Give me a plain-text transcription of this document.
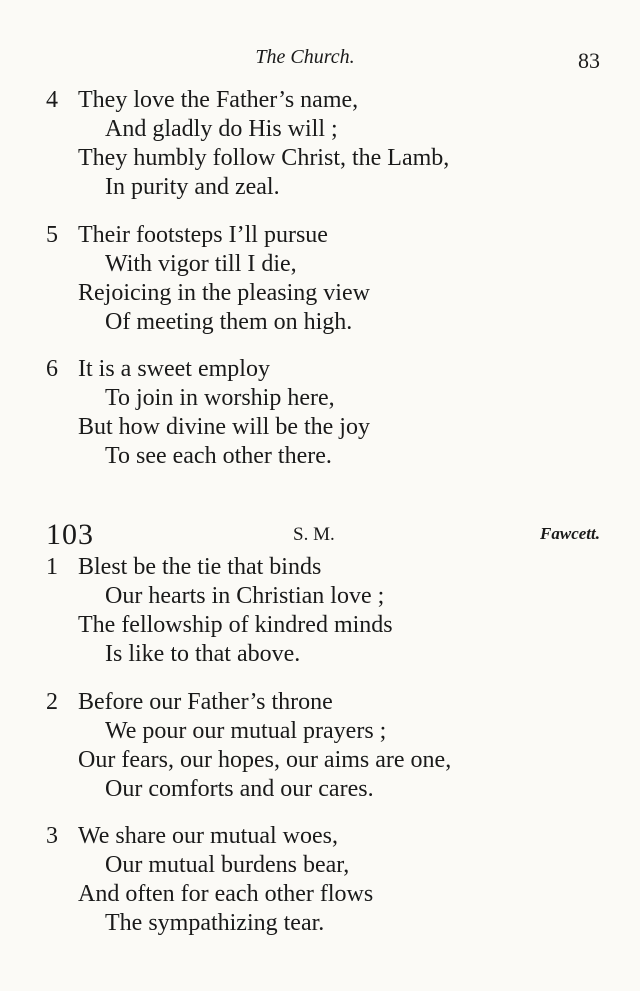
The Church.	83
4 They love the Father’s name,
And gladly do His will ;
They humbly follow Christ, the Lamb,
In purity and zeal.
5 Their footsteps I’ll pursue
With vigor till I die,
Rejoicing in the pleasing view
Of meeting them on high.
6 It is a sweet employ
To join in worship here,
But how divine will be the joy
To see each other there.
103	S. M.	Fawcett.
1 Blest be the tie that binds
Our hearts in Christian love ;
The fellowship of kindred minds
Is like to that above.
2 Before our Father’s throne
We pour our mutual prayers ;
Our fears, our hopes, our aims are one,
Our comforts and our cares.
3 We share our mutual woes,
Our mutual burdens bear,
And often for each other flows
The sympathizing tear.
